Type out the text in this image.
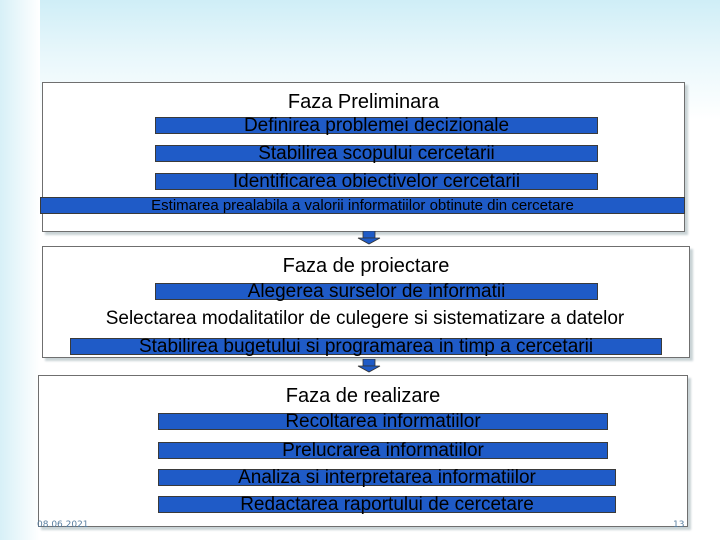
Faza Preliminara
Definirea problemei decizionale
Stabilirea scopului cercetarii
Identificarea obiectivelor cercetarii
Estimarea prealabila a valorii informatiilor obtinute din cercetare
Faza de proiectare
Alegerea surselor de informatii
Selectarea modalitatilor de culegere si sistematizare a datelor
Stabilirea bugetului si programarea in timp a cercetarii
Faza de realizare
Recoltarea informatiilor
Prelucrarea informatiilor
Analiza si interpretarea informatiilor
Redactarea raportului de cercetare
08.06.2021	13
